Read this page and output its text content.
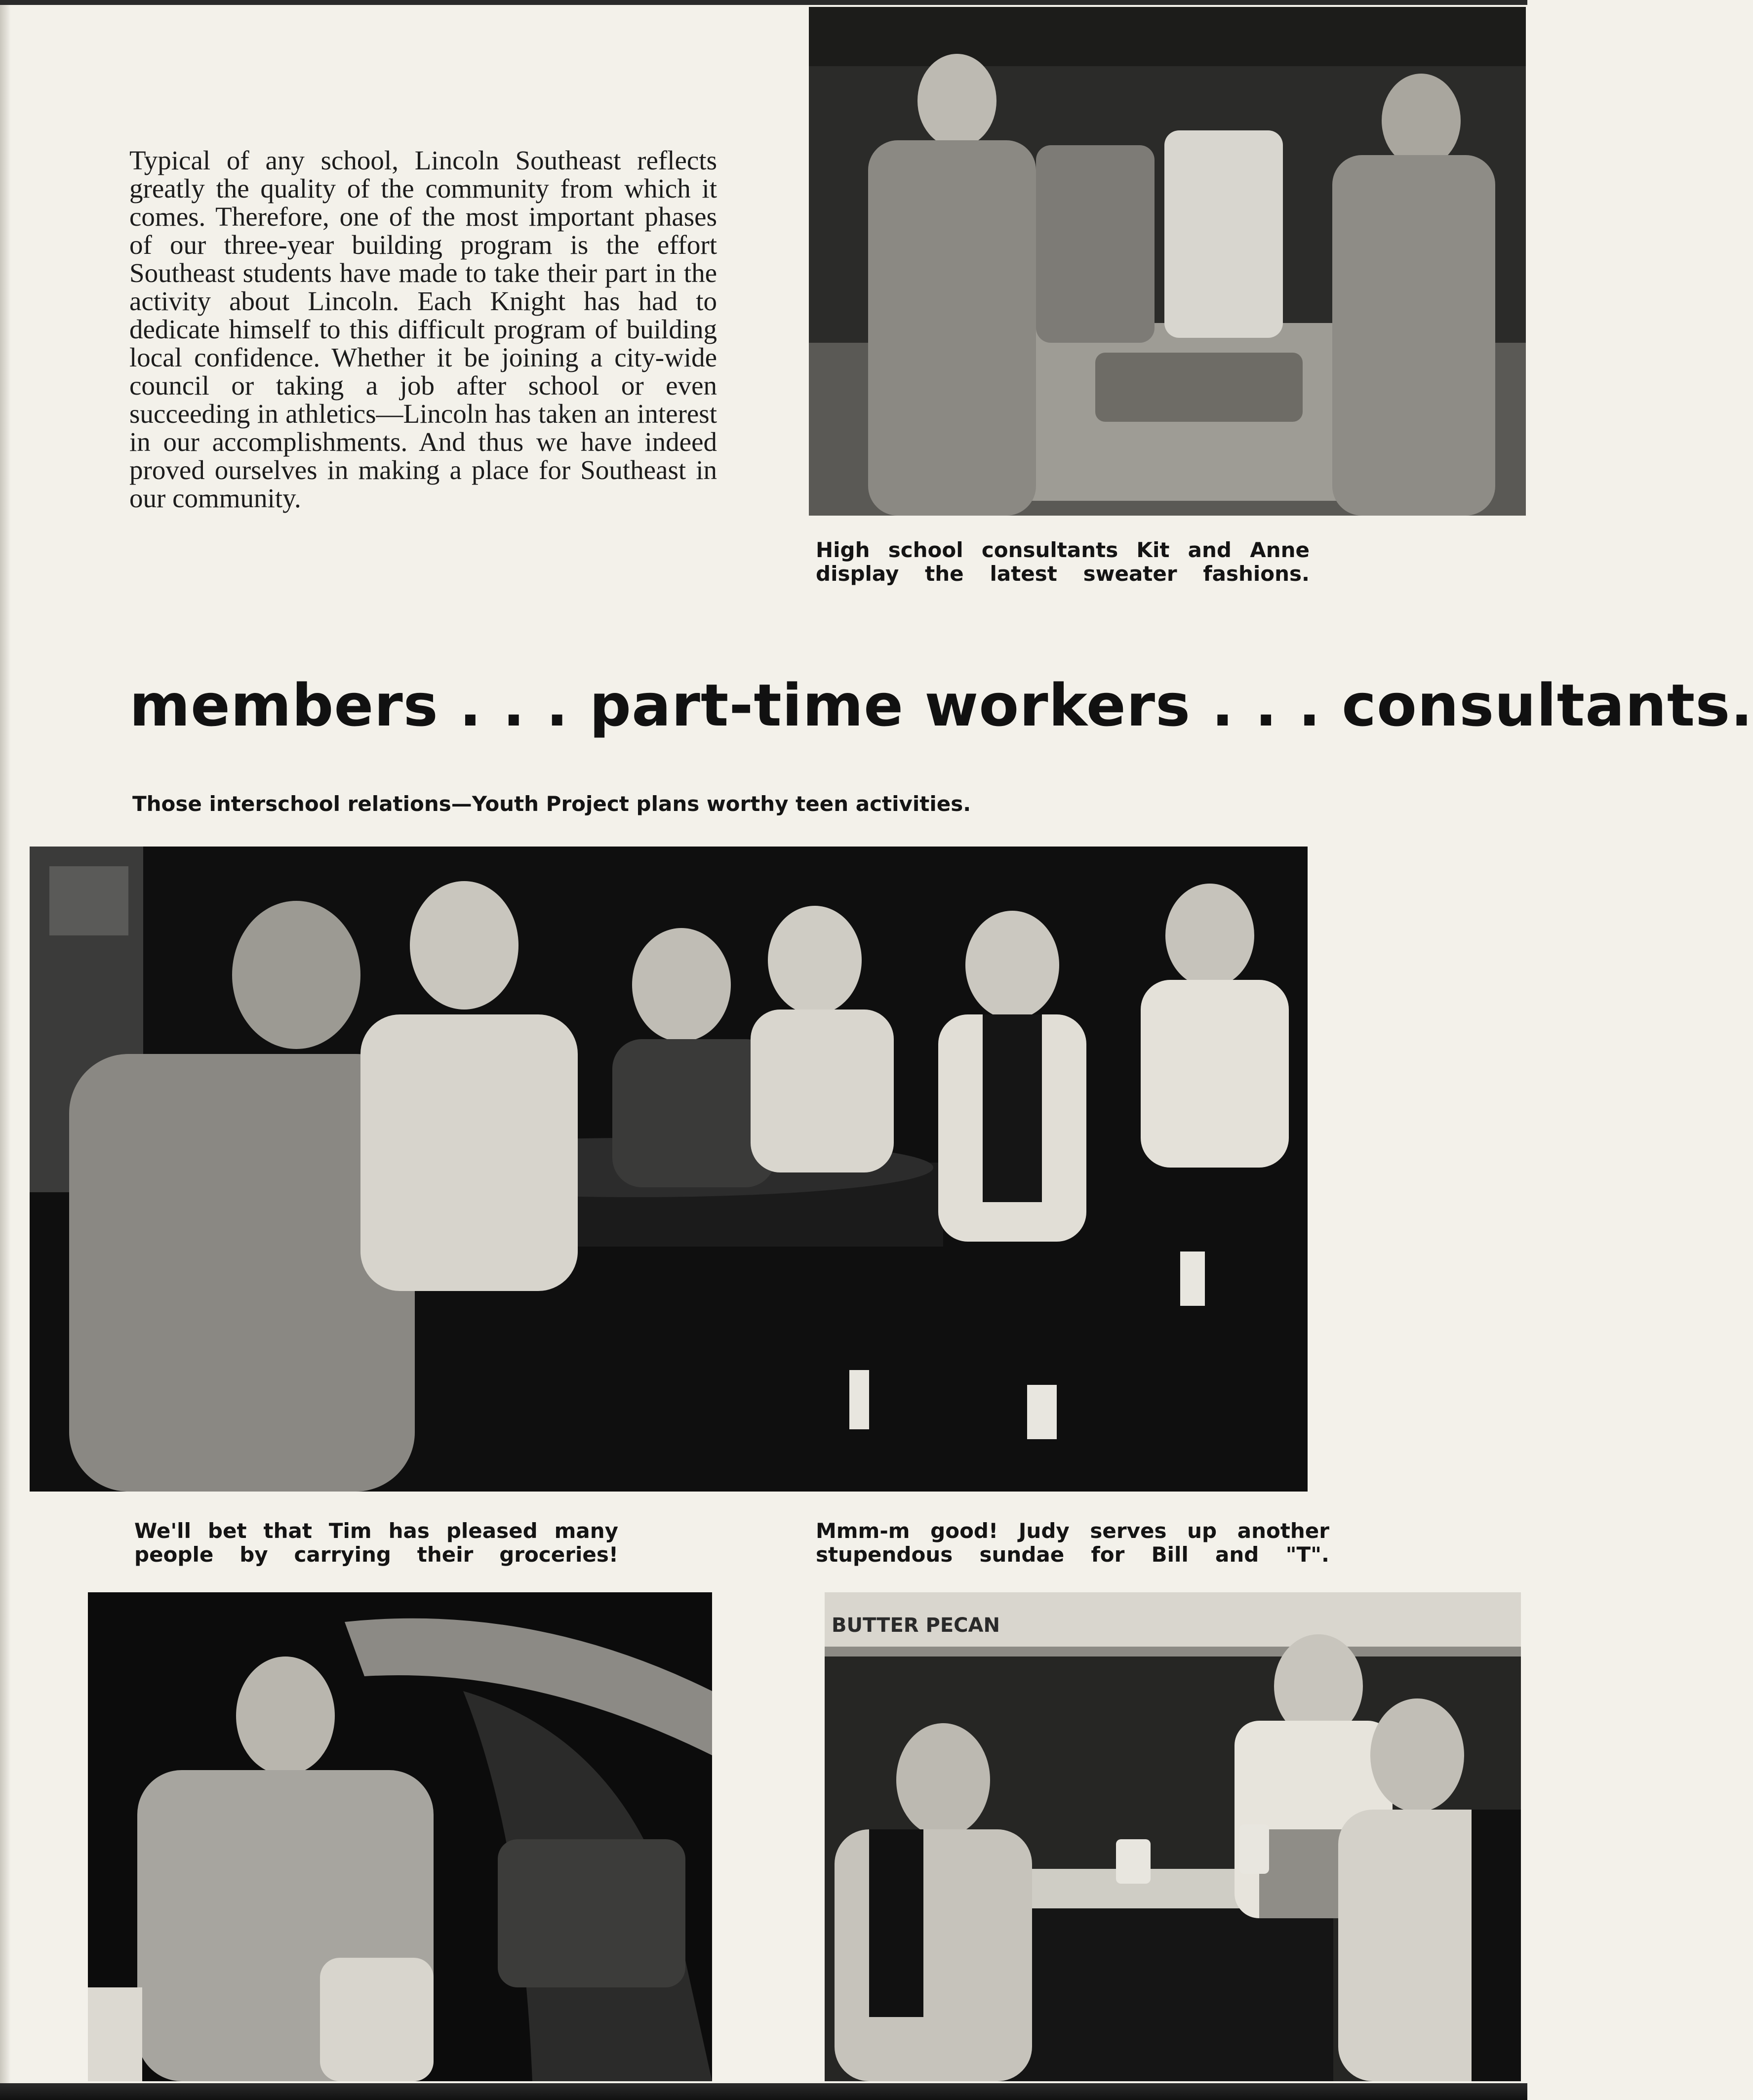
Typical of any school, Lincoln Southeast reflects greatly the quality of the community from which it comes. Therefore, one of the most important phases of our three-year building program is the effort Southeast students have made to take their part in the activity about Lincoln. Each Knight has had to dedicate himself to this difficult program of building local confidence. Whether it be joining a city-wide council or taking a job after school or even succeeding in athletics—Lincoln has taken an interest in our accomplishments. And thus we have indeed proved ourselves in making a place for Southeast in our community.

High school consultants Kit and Anne display the latest sweater fashions.

members . . . part-time workers . . . consultants.

Those interschool relations—Youth Project plans worthy teen activities.

We'll bet that Tim has pleased many people by carrying their groceries!

Mmm-m good! Judy serves up another stupendous sundae for Bill and "T".

BUTTER PECAN
